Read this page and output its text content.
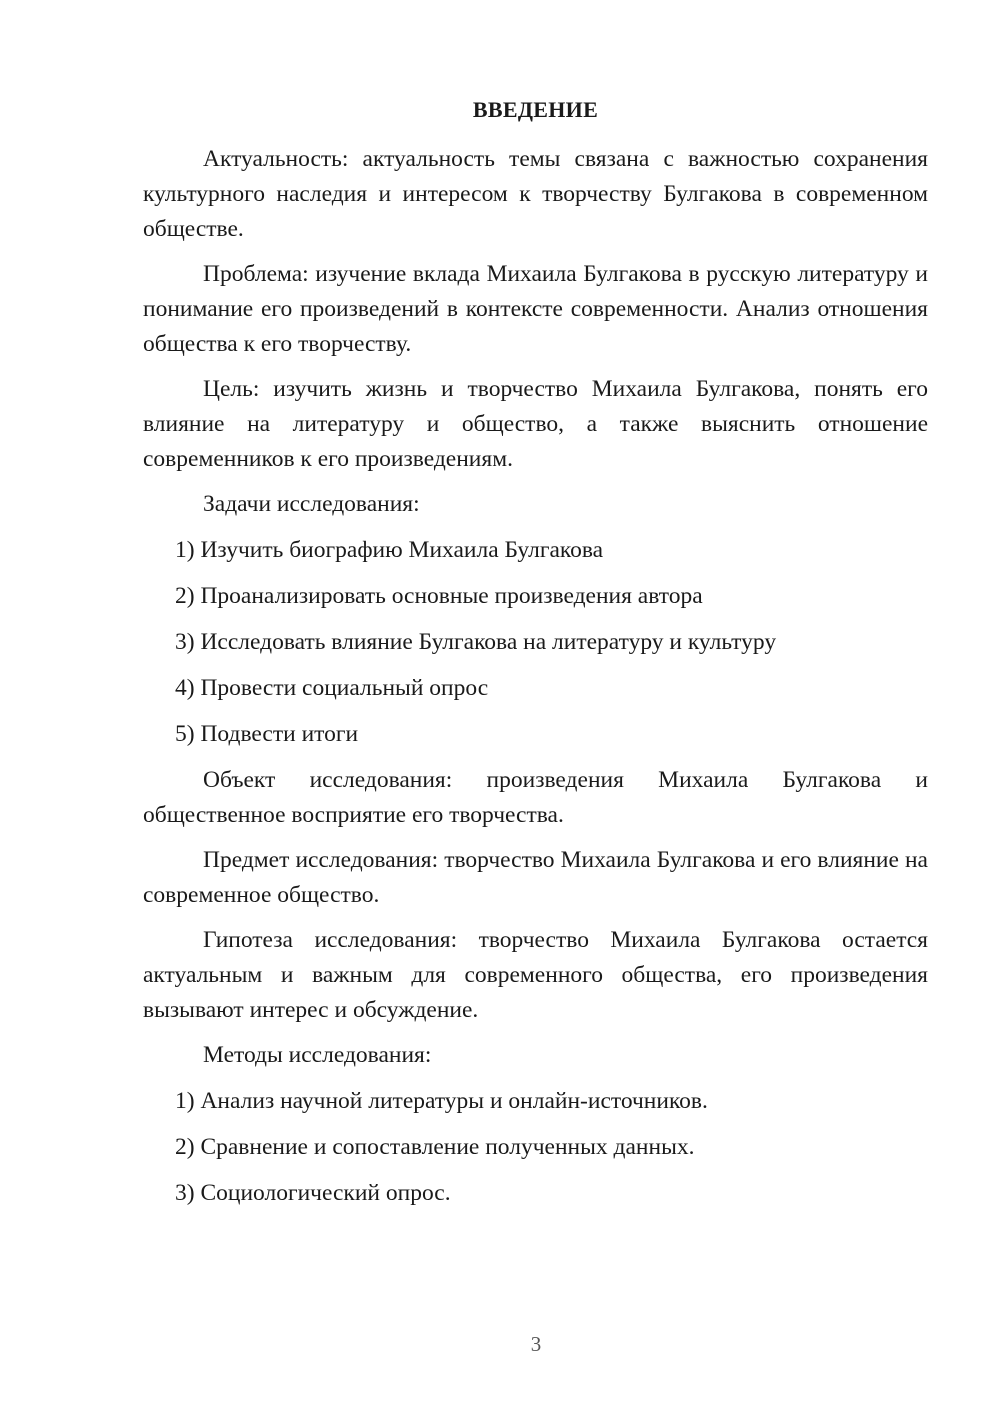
ВВЕДЕНИЕ

Актуальность: актуальность темы связана с важностью сохранения культурного наследия и интересом к творчеству Булгакова в современном обществе.

Проблема: изучение вклада Михаила Булгакова в русскую литературу и понимание его произведений в контексте современности. Анализ отношения общества к его творчеству.

Цель: изучить жизнь и творчество Михаила Булгакова, понять его влияние на литературу и общество, а также выяснить отношение современников к его произведениям.

Задачи исследования:
1) Изучить биографию Михаила Булгакова
2) Проанализировать основные произведения автора
3) Исследовать влияние Булгакова на литературу и культуру
4) Провести социальный опрос
5) Подвести итоги

Объект исследования: произведения Михаила Булгакова и общественное восприятие его творчества.

Предмет исследования: творчество Михаила Булгакова и его влияние на современное общество.

Гипотеза исследования: творчество Михаила Булгакова остается актуальным и важным для современного общества, его произведения вызывают интерес и обсуждение.

Методы исследования:
1) Анализ научной литературы и онлайн-источников.
2) Сравнение и сопоставление полученных данных.
3) Социологический опрос.
3
